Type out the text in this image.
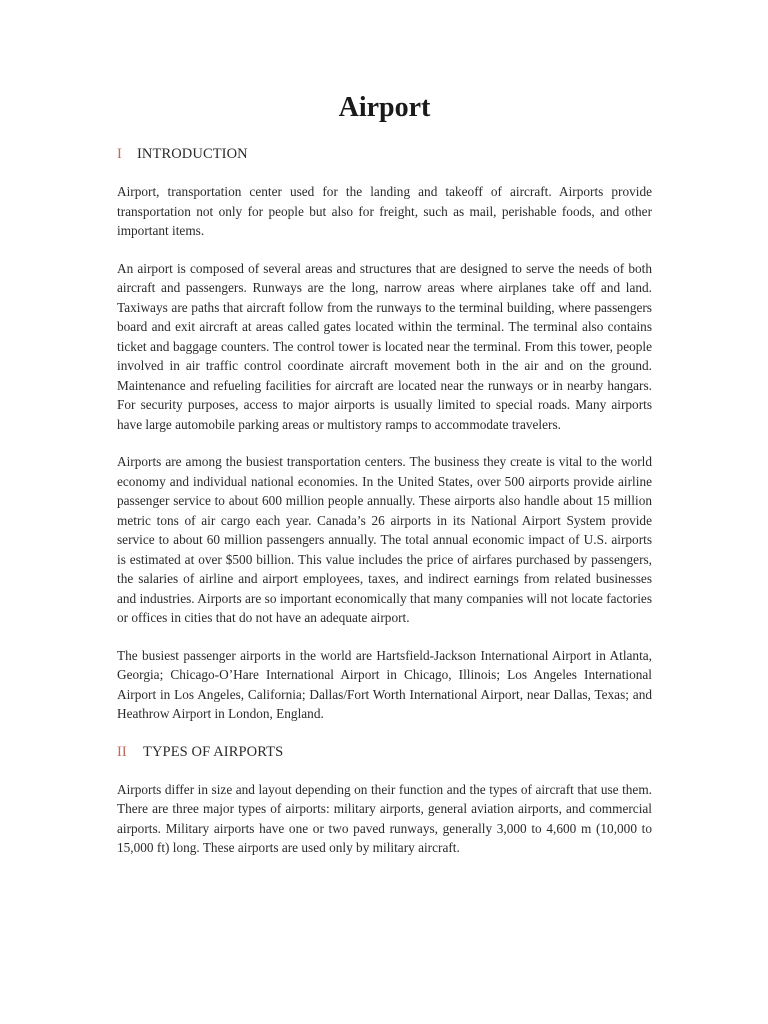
Airport
I INTRODUCTION

Airport, transportation center used for the landing and takeoff of aircraft. Airports provide transportation not only for people but also for freight, such as mail, perishable foods, and other important items.

An airport is composed of several areas and structures that are designed to serve the needs of both aircraft and passengers. Runways are the long, narrow areas where airplanes take off and land. Taxiways are paths that aircraft follow from the runways to the terminal building, where passengers board and exit aircraft at areas called gates located within the terminal. The terminal also contains ticket and baggage counters. The control tower is located near the terminal. From this tower, people involved in air traffic control coordinate aircraft movement both in the air and on the ground. Maintenance and refueling facilities for aircraft are located near the runways or in nearby hangars. For security purposes, access to major airports is usually limited to special roads. Many airports have large automobile parking areas or multistory ramps to accommodate travelers.

Airports are among the busiest transportation centers. The business they create is vital to the world economy and individual national economies. In the United States, over 500 airports provide airline passenger service to about 600 million people annually. These airports also handle about 15 million metric tons of air cargo each year. Canada’s 26 airports in its National Airport System provide service to about 60 million passengers annually. The total annual economic impact of U.S. airports is estimated at over $500 billion. This value includes the price of airfares purchased by passengers, the salaries of airline and airport employees, taxes, and indirect earnings from related businesses and industries. Airports are so important economically that many companies will not locate factories or offices in cities that do not have an adequate airport.

The busiest passenger airports in the world are Hartsfield-Jackson International Airport in Atlanta, Georgia; Chicago-O’Hare International Airport in Chicago, Illinois; Los Angeles International Airport in Los Angeles, California; Dallas/Fort Worth International Airport, near Dallas, Texas; and Heathrow Airport in London, England.

II TYPES OF AIRPORTS

Airports differ in size and layout depending on their function and the types of aircraft that use them. There are three major types of airports: military airports, general aviation airports, and commercial airports. Military airports have one or two paved runways, generally 3,000 to 4,600 m (10,000 to 15,000 ft) long. These airports are used only by military aircraft.
